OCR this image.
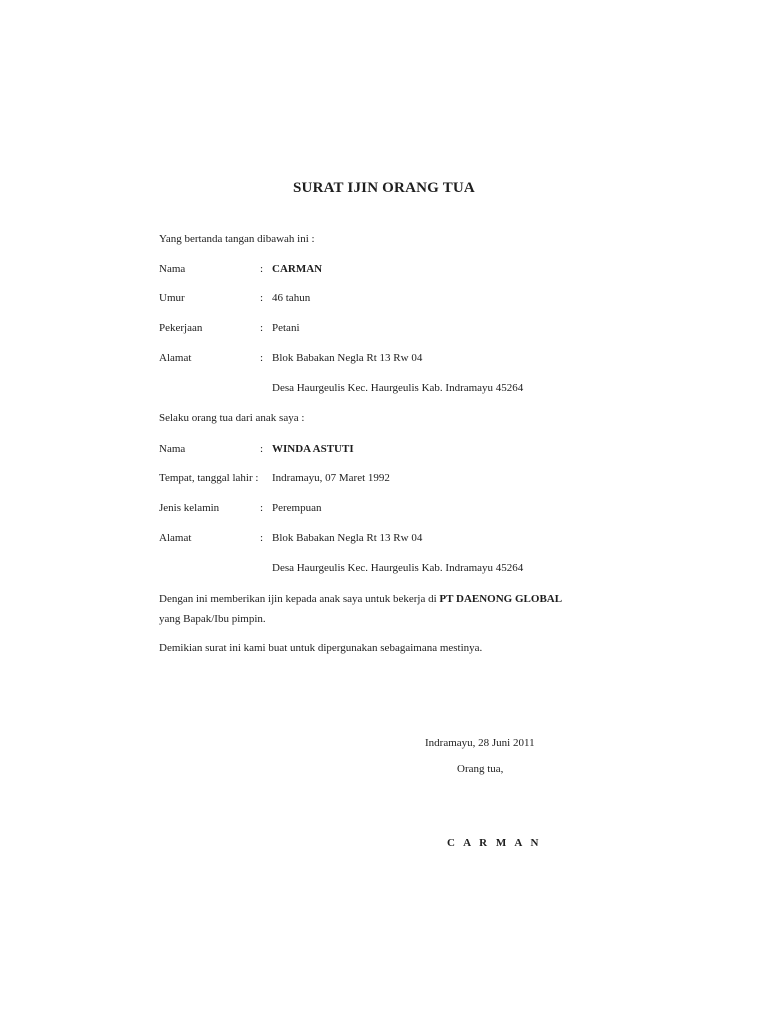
SURAT IJIN ORANG TUA
Yang bertanda tangan dibawah ini :
Nama	: CARMAN
Umur	: 46 tahun
Pekerjaan	: Petani
Alamat	: Blok Babakan Negla Rt 13 Rw 04
Desa Haurgeulis Kec. Haurgeulis Kab. Indramayu 45264
Selaku orang tua dari anak saya :
Nama	: WINDA ASTUTI
Tempat, tanggal lahir : Indramayu, 07 Maret 1992
Jenis kelamin	: Perempuan
Alamat	: Blok Babakan Negla Rt 13 Rw 04
Desa Haurgeulis Kec. Haurgeulis Kab. Indramayu 45264
Dengan ini memberikan ijin kepada anak saya untuk bekerja di PT DAENONG GLOBAL
yang Bapak/Ibu pimpin.
Demikian surat ini kami buat untuk dipergunakan sebagaimana mestinya.
Indramayu, 28 Juni 2011
Orang tua,
C A R M A N
